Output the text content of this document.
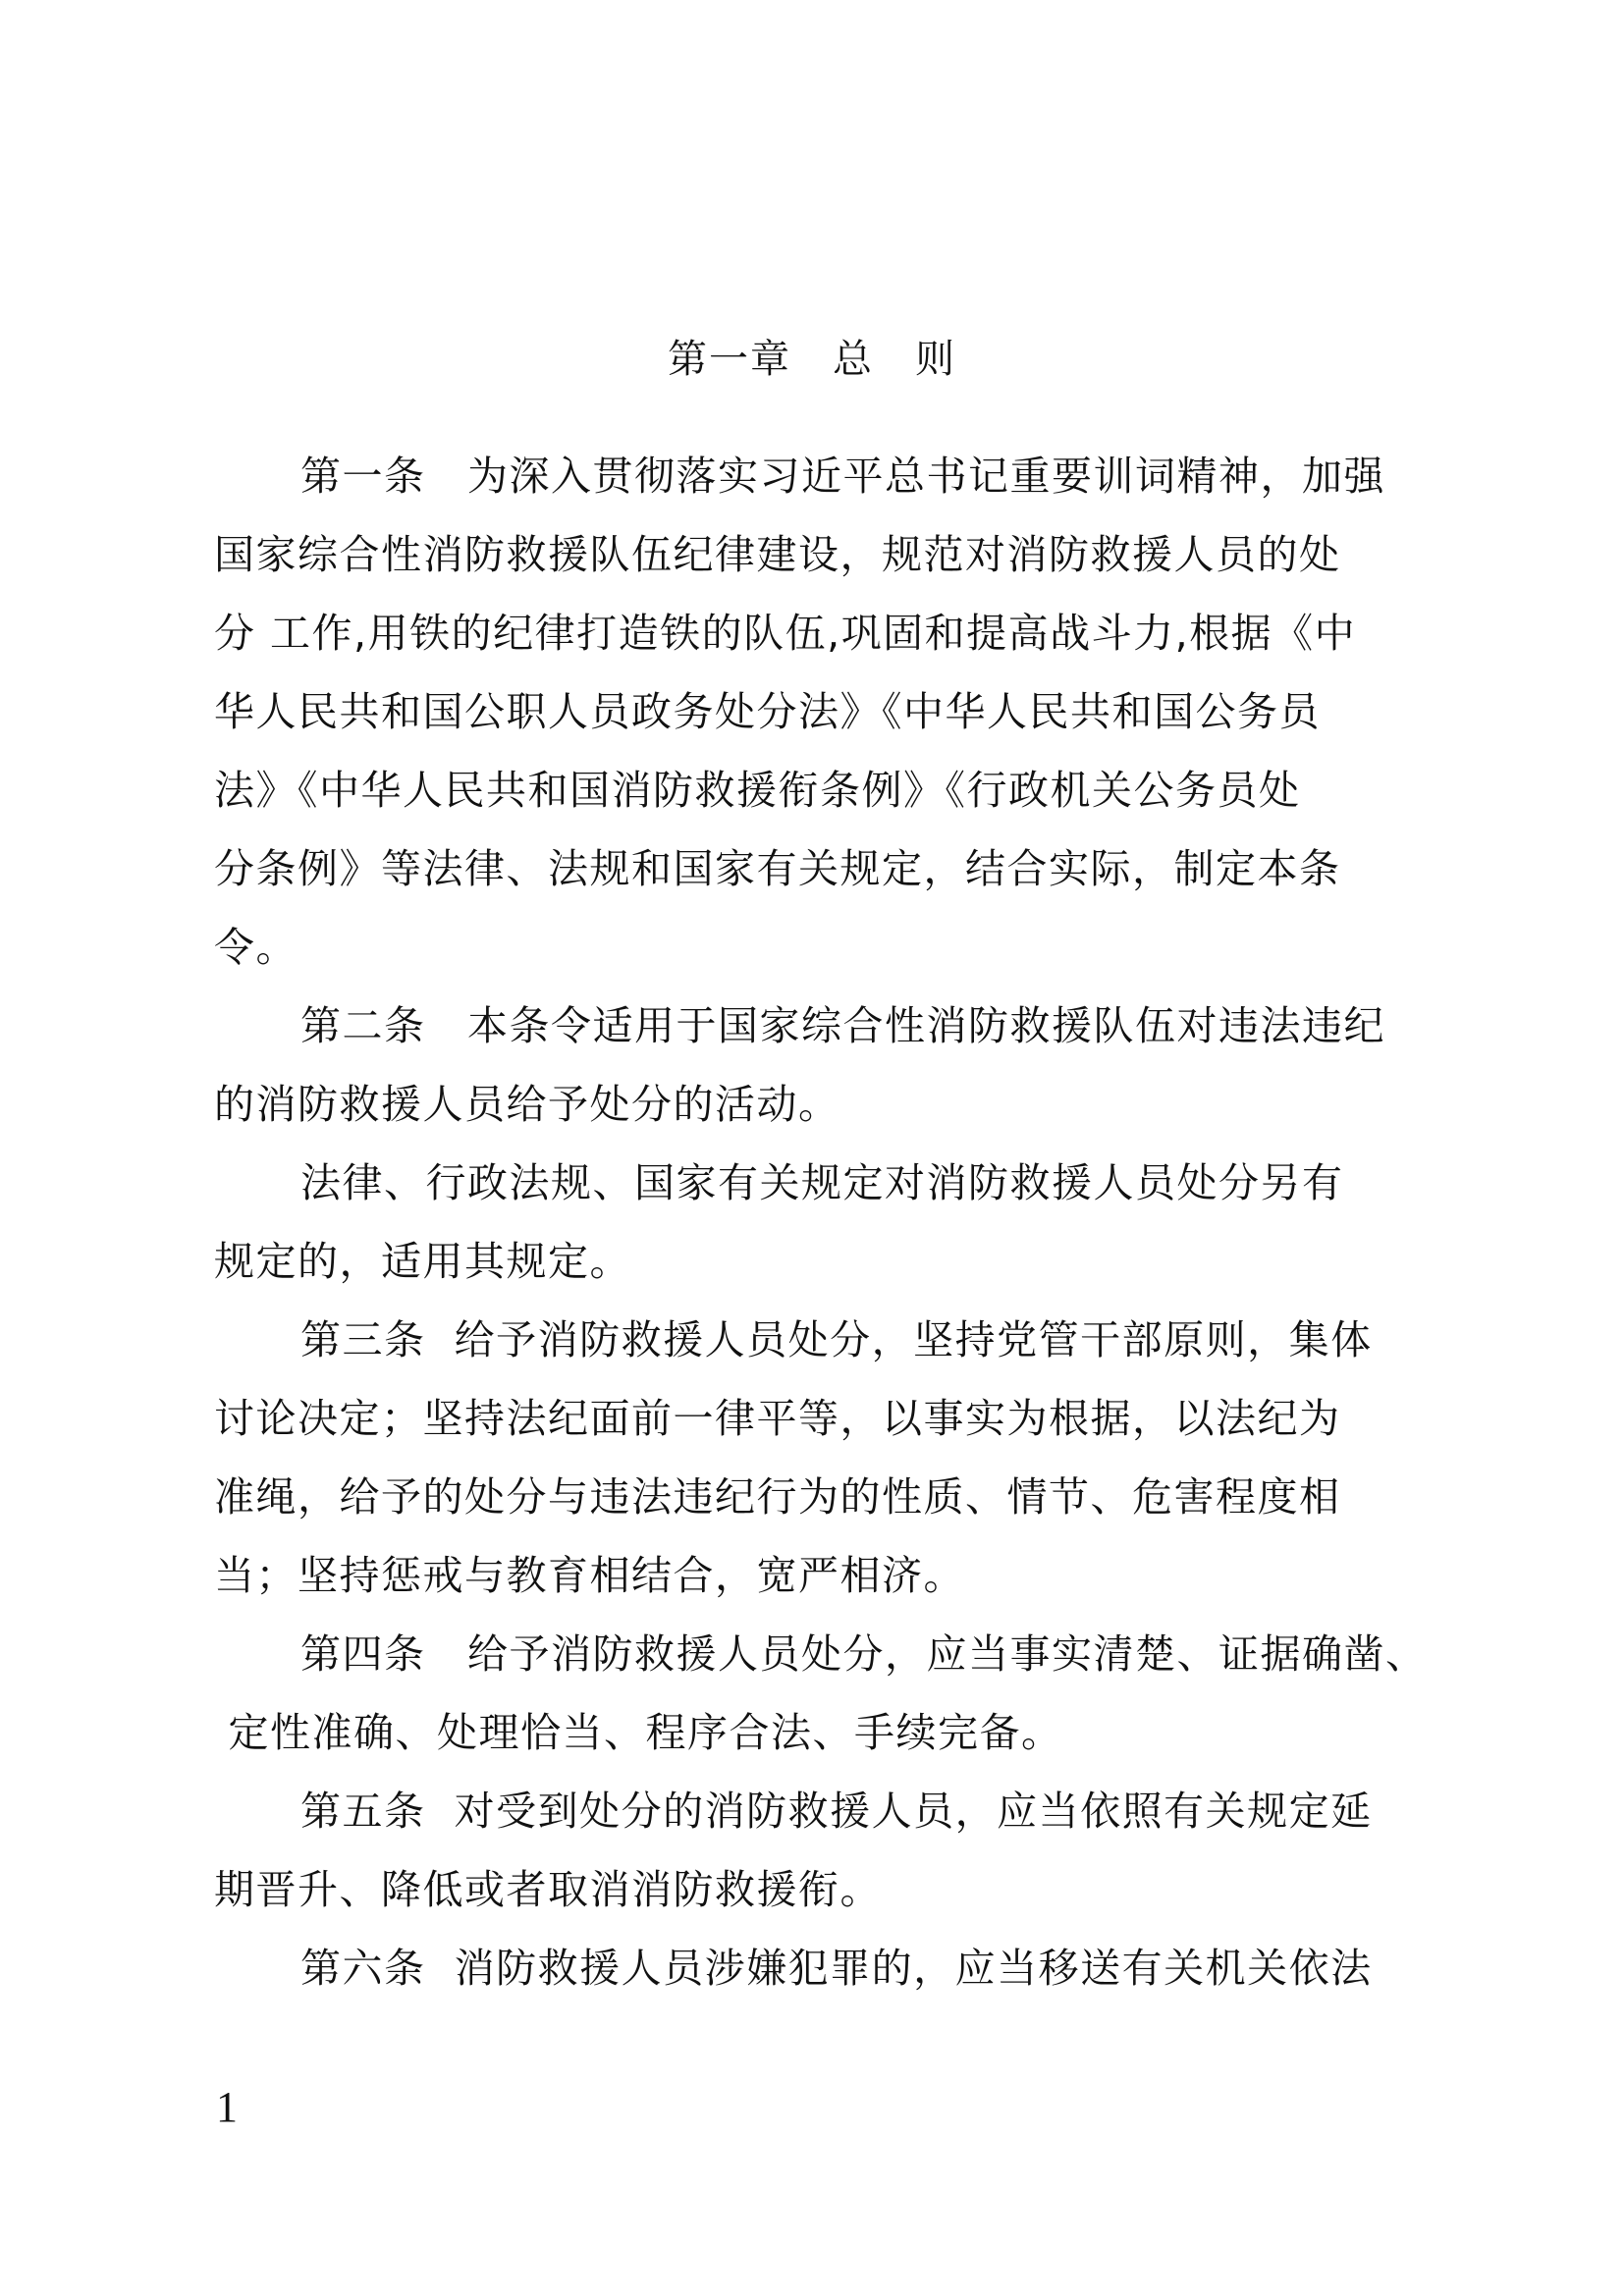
第一章　总　则
第一条　为深入贯彻落实习近平总书记重要训词精神，加强
国家综合性消防救援队伍纪律建设，规范对消防救援人员的处
分 工作,用铁的纪律打造铁的队伍,巩固和提高战斗力,根据《中
华人民共和国公职人员政务处分法》《中华人民共和国公务员
法》《中华人民共和国消防救援衔条例》《行政机关公务员处
分条例》等法律、法规和国家有关规定，结合实际，制定本条
令。
第二条　本条令适用于国家综合性消防救援队伍对违法违纪
的消防救援人员给予处分的活动。
法律、行政法规、国家有关规定对消防救援人员处分另有
规定的，适用其规定。
第三条  给予消防救援人员处分，坚持党管干部原则，集体
讨论决定；坚持法纪面前一律平等，以事实为根据，以法纪为
准绳，给予的处分与违法违纪行为的性质、情节、危害程度相
当；坚持惩戒与教育相结合，宽严相济。
第四条　给予消防救援人员处分，应当事实清楚、证据确凿、
定性准确、处理恰当、程序合法、手续完备。
第五条  对受到处分的消防救援人员，应当依照有关规定延
期晋升、降低或者取消消防救援衔。
第六条  消防救援人员涉嫌犯罪的，应当移送有关机关依法
1
